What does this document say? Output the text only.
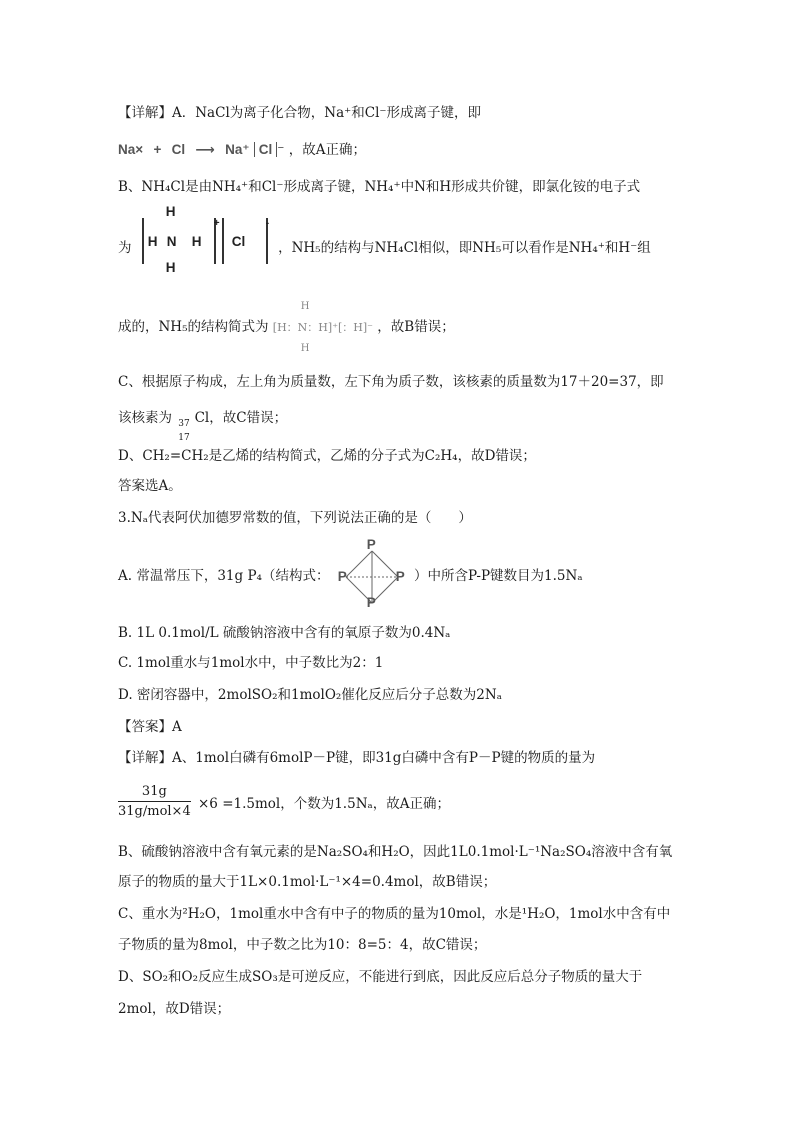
【详解】A．NaCl为离子化合物，Na⁺和Cl⁻形成离子键，即
Na× + Cl ⟶ Na⁺ Cl ⁻ ，故A正确；
B、NH₄Cl是由NH₄⁺和Cl⁻形成离子键，NH₄⁺中N和H形成共价键，即氯化铵的电子式
为
H
H N H
H
+
Cl
-
，NH₅的结构与NH₄Cl相似，即NH₅可以看作是NH₄⁺和H⁻组
成的，NH₅的结构简式为
H
[H：N：H]⁺[：H]⁻
H
，故B错误；
C、根据原子构成，左上角为质量数，左下角为质子数，该核素的质量数为17＋20=37，即
该核素为 37
17
Cl，故C错误；
D、CH₂=CH₂是乙烯的结构简式，乙烯的分子式为C₂H₄，故D错误；
答案选A。
3.Nₐ代表阿伏加德罗常数的值，下列说法正确的是（　　）
A. 常温常压下，31g P₄（结构式：
P
P	P
P
）中所含P-P键数目为1.5Nₐ
B. 1L 0.1mol/L 硫酸钠溶液中含有的氧原子数为0.4Nₐ
C. 1mol重水与1mol水中，中子数比为2：1
D. 密闭容器中，2molSO₂和1molO₂催化反应后分子总数为2Nₐ
【答案】A
【详解】A、1mol白磷有6molP－P键，即31g白磷中含有P－P键的物质的量为
31g
31g/mol×4 ×6 =1.5mol，个数为1.5Nₐ，故A正确；
B、硫酸钠溶液中含有氧元素的是Na₂SO₄和H₂O，因此1L0.1mol·L⁻¹Na₂SO₄溶液中含有氧
原子的物质的量大于1L×0.1mol·L⁻¹×4=0.4mol，故B错误；
C、重水为²H₂O，1mol重水中含有中子的物质的量为10mol，水是¹H₂O，1mol水中含有中
子物质的量为8mol，中子数之比为10：8=5：4，故C错误；
D、SO₂和O₂反应生成SO₃是可逆反应，不能进行到底，因此反应后总分子物质的量大于
2mol，故D错误；
